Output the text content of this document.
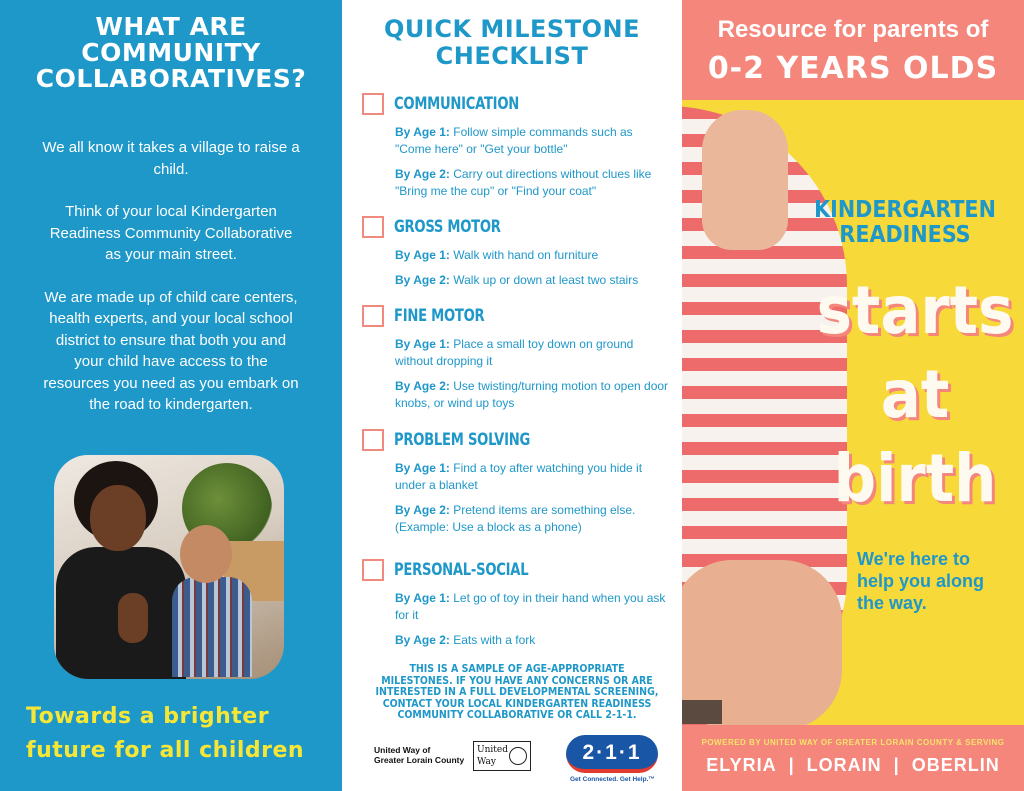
WHAT ARE
COMMUNITY
COLLABORATIVES?

We all know it takes a village to raise a child.

Think of your local Kindergarten Readiness Community Collaborative as your main street.

We are made up of child care centers, health experts, and your local school district to ensure that both you and your child have access to the resources you need as you embark on the road to kindergarten.

Towards a brighter
future for all children
QUICK MILESTONE
CHECKLIST
COMMUNICATION
By Age 1: Follow simple commands such as "Come here" or "Get your bottle"
By Age 2: Carry out directions without clues like "Bring me the cup" or "Find your coat"
GROSS MOTOR
By Age 1: Walk with hand on furniture
By Age 2: Walk up or down at least two stairs
FINE MOTOR
By Age 1: Place a small toy down on ground without dropping it
By Age 2: Use twisting/turning motion to open door knobs, or wind up toys
PROBLEM SOLVING
By Age 1: Find a toy after watching you hide it under a blanket
By Age 2: Pretend items are something else. (Example: Use a block as a phone)
PERSONAL-SOCIAL
By Age 1: Let go of toy in their hand when you ask for it
By Age 2: Eats with a fork
THIS IS A SAMPLE OF AGE-APPROPRIATE
MILESTONES. IF YOU HAVE ANY CONCERNS OR ARE
INTERESTED IN A FULL DEVELOPMENTAL SCREENING,
CONTACT YOUR LOCAL KINDERGARTEN READINESS
COMMUNITY COLLABORATIVE OR CALL 2-1-1.
United Way of
Greater Lorain County
United
Way	2·1·1
Get Connected. Get Help.™
Resource for parents of
0-2 YEARS OLDS
KINDERGARTEN
READINESS
starts
at
birth
We're here to
help you along
the way.
POWERED BY UNITED WAY OF GREATER LORAIN COUNTY & SERVING
ELYRIA | LORAIN | OBERLIN
